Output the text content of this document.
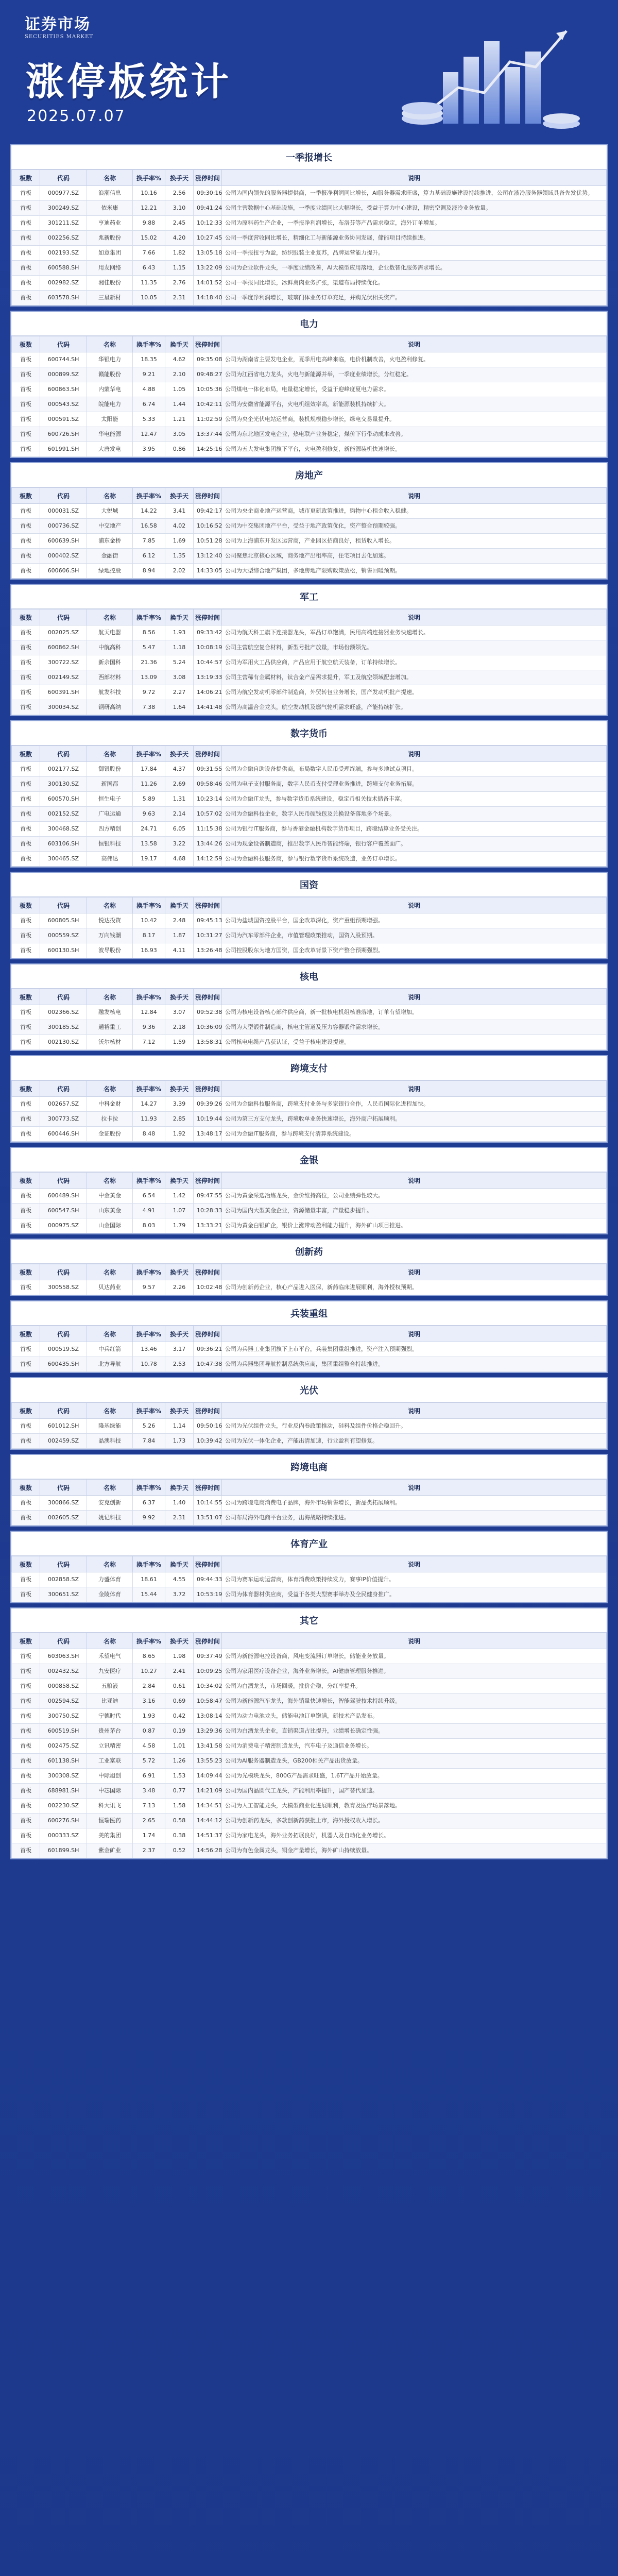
证券市场
SECURITIES MARKET
涨停板统计
2025.07.07
一季报增长
板数	代码	名称	换手率%	换手天	涨停时间	说明
首板	000977.SZ	浪潮信息	10.16	2.56	09:30:16	公司为国内领先的服务器提供商，一季报净利润同比增长，AI服务器需求旺盛，算力基础设施建设持续推进，公司在液冷服务器领域具备先发优势。
首板	300249.SZ	依米康	12.21	3.10	09:41:24	公司主营数据中心基础设施，一季度业绩同比大幅增长，受益于算力中心建设，精密空调及液冷业务放量。
首板	301211.SZ	亨迪药业	9.88	2.45	10:12:33	公司为原料药生产企业，一季报净利润增长，布洛芬等产品需求稳定，海外订单增加。
首板	002256.SZ	兆新股份	15.02	4.20	10:27:45	公司一季度营收同比增长，精细化工与新能源业务协同发展，储能项目持续推进。
首板	002193.SZ	如意集团	7.66	1.82	13:05:18	公司一季报扭亏为盈，纺织服装主业复苏，品牌运营能力提升。
首板	600588.SH	用友网络	6.43	1.15	13:22:09	公司为企业软件龙头，一季度业绩改善，AI大模型应用落地，企业数智化服务需求增长。
首板	002982.SZ	湘佳股份	11.35	2.76	14:01:52	公司一季报同比增长，冰鲜禽肉业务扩张，渠道布局持续优化。
首板	603578.SH	三星新材	10.05	2.31	14:18:40	公司一季度净利润增长，玻璃门体业务订单充足，并购光伏相关资产。
电力
板数	代码	名称	换手率%	换手天	涨停时间	说明
首板	600744.SH	华银电力	18.35	4.62	09:35:08	公司为湖南省主要发电企业，夏季用电高峰来临，电价机制改善，火电盈利修复。
首板	000899.SZ	赣能股份	9.21	2.10	09:48:27	公司为江西省电力龙头，火电与新能源并举，一季度业绩增长，分红稳定。
首板	600863.SH	内蒙华电	4.88	1.05	10:05:36	公司煤电一体化布局，电量稳定增长，受益于迎峰度夏电力需求。
首板	000543.SZ	皖能电力	6.74	1.44	10:42:11	公司为安徽省能源平台，火电机组效率高，新能源装机持续扩大。
首板	000591.SZ	太阳能	5.33	1.21	11:02:59	公司为央企光伏电站运营商，装机规模稳步增长，绿电交易量提升。
首板	600726.SH	华电能源	12.47	3.05	13:37:44	公司为东北地区发电企业，热电联产业务稳定，煤价下行带动成本改善。
首板	601991.SH	大唐发电	3.95	0.86	14:25:16	公司为五大发电集团旗下平台，火电盈利修复，新能源装机快速增长。
房地产
板数	代码	名称	换手率%	换手天	涨停时间	说明
首板	000031.SZ	大悦城	14.22	3.41	09:42:17	公司为央企商业地产运营商，城市更新政策推进，购物中心租金收入稳健。
首板	000736.SZ	中交地产	16.58	4.02	10:16:52	公司为中交集团地产平台，受益于地产政策优化，资产整合预期较强。
首板	600639.SH	浦东金桥	7.85	1.69	10:51:28	公司为上海浦东开发区运营商，产业园区招商良好，租赁收入增长。
首板	000402.SZ	金融街	6.12	1.35	13:12:40	公司聚焦北京核心区域，商务地产出租率高，住宅项目去化加速。
首板	600606.SH	绿地控股	8.94	2.02	14:33:05	公司为大型综合地产集团，多地房地产限购政策放松，销售回暖预期。
军工
板数	代码	名称	换手率%	换手天	涨停时间	说明
首板	002025.SZ	航天电器	8.56	1.93	09:33:42	公司为航天科工旗下连接器龙头，军品订单饱满，民用高端连接器业务快速增长。
首板	600862.SH	中航高科	5.47	1.18	10:08:19	公司主营航空复合材料，新型号批产放量，市场份额领先。
首板	300722.SZ	新余国科	21.36	5.24	10:44:57	公司为军用火工品供应商，产品应用于航空航天装备，订单持续增长。
首板	002149.SZ	西部材料	13.09	3.08	13:19:33	公司主营稀有金属材料，钛合金产品需求提升，军工及航空领域配套增加。
首板	600391.SH	航发科技	9.72	2.27	14:06:21	公司为航空发动机零部件制造商，外贸转包业务增长，国产发动机批产提速。
首板	300034.SZ	钢研高纳	7.38	1.64	14:41:48	公司为高温合金龙头，航空发动机及燃气轮机需求旺盛，产能持续扩张。
数字货币
板数	代码	名称	换手率%	换手天	涨停时间	说明
首板	002177.SZ	御银股份	17.84	4.37	09:31:55	公司为金融自助设备提供商，布局数字人民币受理终端，参与多地试点项目。
首板	300130.SZ	新国都	11.26	2.69	09:58:46	公司为电子支付服务商，数字人民币支付受理业务推进，跨境支付业务拓展。
首板	600570.SH	恒生电子	5.89	1.31	10:23:14	公司为金融IT龙头，参与数字货币系统建设，稳定币相关技术储备丰富。
首板	002152.SZ	广电运通	9.63	2.14	10:57:02	公司为金融科技企业，数字人民币硬钱包及兑换设备落地多个场景。
首板	300468.SZ	四方精创	24.71	6.05	11:15:38	公司为银行IT服务商，参与香港金融机构数字货币项目，跨境结算业务受关注。
首板	603106.SH	恒银科技	13.58	3.22	13:44:26	公司为现金设备制造商，推出数字人民币智能终端，银行客户覆盖面广。
首板	300465.SZ	高伟达	19.17	4.68	14:12:59	公司为金融科技服务商，参与银行数字货币系统改造，业务订单增长。
国资
板数	代码	名称	换手率%	换手天	涨停时间	说明
首板	600805.SH	悦达投资	10.42	2.48	09:45:13	公司为盐城国资控股平台，国企改革深化，资产重组预期增强。
首板	000559.SZ	万向钱潮	8.17	1.87	10:31:27	公司为汽车零部件企业，市值管理政策推动，国资入股预期。
首板	600130.SH	波导股份	16.93	4.11	13:26:48	公司控股股东为地方国资，国企改革背景下资产整合预期强烈。
核电
板数	代码	名称	换手率%	换手天	涨停时间	说明
首板	002366.SZ	融发核电	12.84	3.07	09:52:38	公司为核电设备核心部件供应商，新一批核电机组核准落地，订单有望增加。
首板	300185.SZ	通裕重工	9.36	2.18	10:36:09	公司为大型锻件制造商，核电主管道及压力容器锻件需求增长。
首板	002130.SZ	沃尔核材	7.12	1.59	13:58:31	公司核电电缆产品获认证，受益于核电建设提速。
跨境支付
板数	代码	名称	换手率%	换手天	涨停时间	说明
首板	002657.SZ	中科金财	14.27	3.39	09:39:26	公司为金融科技服务商，跨境支付业务与多家银行合作，人民币国际化进程加快。
首板	300773.SZ	拉卡拉	11.93	2.85	10:19:44	公司为第三方支付龙头，跨境收单业务快速增长，海外商户拓展顺利。
首板	600446.SH	金证股份	8.48	1.92	13:48:17	公司为金融IT服务商，参与跨境支付清算系统建设。
金银
板数	代码	名称	换手率%	换手天	涨停时间	说明
首板	600489.SH	中金黄金	6.54	1.42	09:47:55	公司为黄金采选冶炼龙头，金价维持高位，公司业绩弹性较大。
首板	600547.SH	山东黄金	4.91	1.07	10:28:33	公司为国内大型黄金企业，资源储量丰富，产量稳步提升。
首板	000975.SZ	山金国际	8.03	1.79	13:33:21	公司为黄金白银矿企，银价上涨带动盈利能力提升，海外矿山项目推进。
创新药
板数	代码	名称	换手率%	换手天	涨停时间	说明
首板	300558.SZ	贝达药业	9.57	2.26	10:02:48	公司为创新药企业，核心产品进入医保，新药临床进展顺利，海外授权预期。
兵装重组
板数	代码	名称	换手率%	换手天	涨停时间	说明
首板	000519.SZ	中兵红箭	13.46	3.17	09:36:21	公司为兵器工业集团旗下上市平台，兵装集团重组推进，资产注入预期强烈。
首板	600435.SH	北方导航	10.78	2.53	10:47:38	公司为兵器集团导航控制系统供应商，集团重组整合持续推进。
光伏
板数	代码	名称	换手率%	换手天	涨停时间	说明
首板	601012.SH	隆基绿能	5.26	1.14	09:50:16	公司为光伏组件龙头，行业反内卷政策推动，硅料及组件价格企稳回升。
首板	002459.SZ	晶澳科技	7.84	1.73	10:39:42	公司为光伏一体化企业，产能出清加速，行业盈利有望修复。
跨境电商
板数	代码	名称	换手率%	换手天	涨停时间	说明
首板	300866.SZ	安克创新	6.37	1.40	10:14:55	公司为跨境电商消费电子品牌，海外市场销售增长，新品类拓展顺利。
首板	002605.SZ	姚记科技	9.92	2.31	13:51:07	公司布局海外电商平台业务，出海战略持续推进。
体育产业
板数	代码	名称	换手率%	换手天	涨停时间	说明
首板	002858.SZ	力盛体育	18.61	4.55	09:44:33	公司为赛车运动运营商，体育消费政策持续发力，赛事IP价值提升。
首板	300651.SZ	金陵体育	15.44	3.72	10:53:19	公司为体育器材供应商，受益于各类大型赛事举办及全民健身推广。
其它
板数	代码	名称	换手率%	换手天	涨停时间	说明
首板	603063.SH	禾望电气	8.65	1.98	09:37:49	公司为新能源电控设备商，风电变流器订单增长，储能业务放量。
首板	002432.SZ	九安医疗	10.27	2.41	10:09:25	公司为家用医疗设备企业，海外业务增长，AI健康管理服务推进。
首板	000858.SZ	五粮液	2.84	0.61	10:34:02	公司为白酒龙头，市场回暖，批价企稳，分红率提升。
首板	002594.SZ	比亚迪	3.16	0.69	10:58:47	公司为新能源汽车龙头，海外销量快速增长，智能驾驶技术持续升级。
首板	300750.SZ	宁德时代	1.93	0.42	13:08:14	公司为动力电池龙头，储能电池订单饱满，新技术产品发布。
首板	600519.SH	贵州茅台	0.87	0.19	13:29:36	公司为白酒龙头企业，直销渠道占比提升，业绩增长确定性强。
首板	002475.SZ	立讯精密	4.58	1.01	13:41:58	公司为消费电子精密制造龙头，汽车电子及通信业务增长。
首板	601138.SH	工业富联	5.72	1.26	13:55:23	公司为AI服务器制造龙头，GB200相关产品出货放量。
首板	300308.SZ	中际旭创	6.91	1.53	14:09:44	公司为光模块龙头，800G产品需求旺盛，1.6T产品开始放量。
首板	688981.SH	中芯国际	3.48	0.77	14:21:09	公司为国内晶圆代工龙头，产能利用率提升，国产替代加速。
首板	002230.SZ	科大讯飞	7.13	1.58	14:34:51	公司为人工智能龙头，大模型商业化进展顺利，教育及医疗场景落地。
首板	600276.SH	恒瑞医药	2.65	0.58	14:44:12	公司为创新药龙头，多款创新药获批上市，海外授权收入增长。
首板	000333.SZ	美的集团	1.74	0.38	14:51:37	公司为家电龙头，海外业务拓展良好，机器人及自动化业务增长。
首板	601899.SH	紫金矿业	2.37	0.52	14:56:28	公司为有色金属龙头，铜金产量增长，海外矿山持续放量。
